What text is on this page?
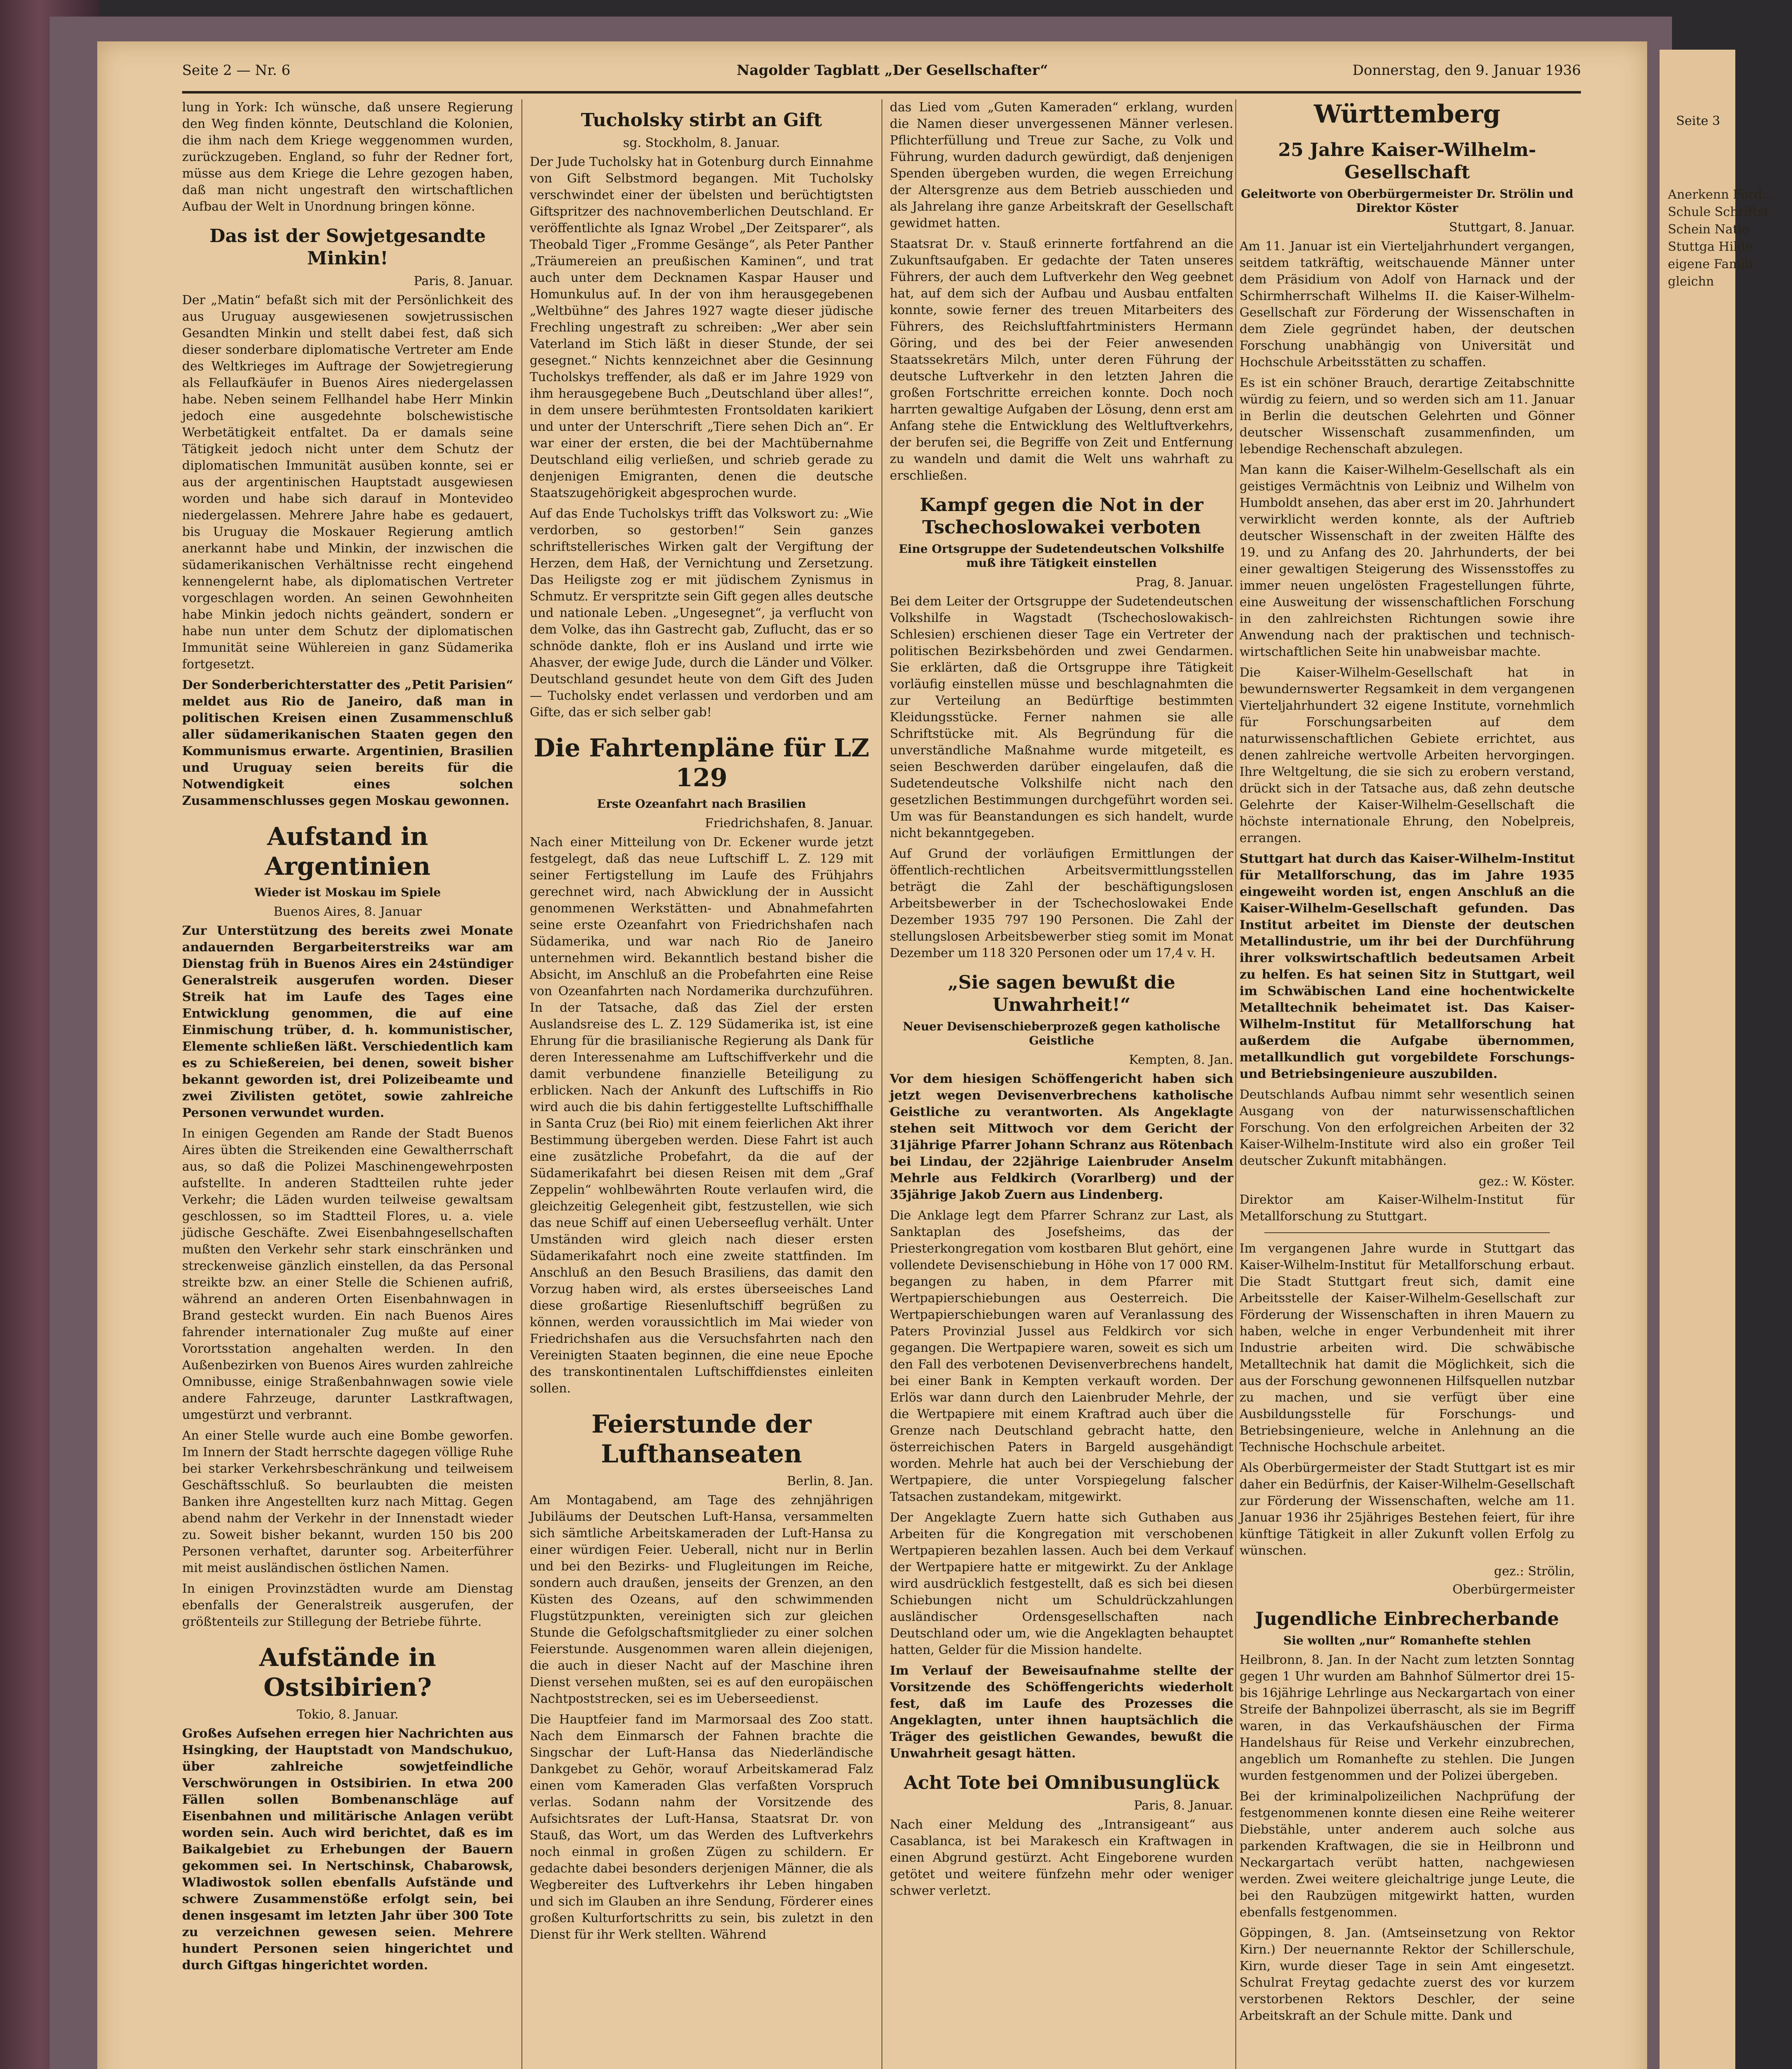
Seite 3
Anerkenn Förd... Schule Schriftst Schein Natio Stuttga Hilde eigene Famili gleichn
Seite 2 — Nr. 6	Nagolder Tagblatt „Der Gesellschafter“	Donnerstag, den 9. Januar 1936

lung in York: Ich wünsche, daß unsere Regierung den Weg finden könnte, Deutschland die Kolonien, die ihm nach dem Kriege weggenommen wurden, zurückzugeben. England, so fuhr der Redner fort, müsse aus dem Kriege die Lehre gezogen haben, daß man nicht ungestraft den wirtschaftlichen Aufbau der Welt in Unordnung bringen könne.

Das ist der Sowjetgesandte Minkin!
Paris, 8. Januar.

Der „Matin“ befaßt sich mit der Persönlichkeit des aus Uruguay ausgewiesenen sowjetrussischen Gesandten Minkin und stellt dabei fest, daß sich dieser sonderbare diplomatische Vertreter am Ende des Weltkrieges im Auftrage der Sowjetregierung als Fellaufkäufer in Buenos Aires niedergelassen habe. Neben seinem Fellhandel habe Herr Minkin jedoch eine ausgedehnte bolschewistische Werbetätigkeit entfaltet. Da er damals seine Tätigkeit jedoch nicht unter dem Schutz der diplomatischen Immunität ausüben konnte, sei er aus der argentinischen Hauptstadt ausgewiesen worden und habe sich darauf in Montevideo niedergelassen. Mehrere Jahre habe es gedauert, bis Uruguay die Moskauer Regierung amtlich anerkannt habe und Minkin, der inzwischen die südamerikanischen Verhältnisse recht eingehend kennengelernt habe, als diplomatischen Vertreter vorgeschlagen worden. An seinen Gewohnheiten habe Minkin jedoch nichts geändert, sondern er habe nun unter dem Schutz der diplomatischen Immunität seine Wühlereien in ganz Südamerika fortgesetzt.

Der Sonderberichterstatter des „Petit Parisien“ meldet aus Rio de Janeiro, daß man in politischen Kreisen einen Zusammenschluß aller südamerikanischen Staaten gegen den Kommunismus erwarte. Argentinien, Brasilien und Uruguay seien bereits für die Notwendigkeit eines solchen Zusammenschlusses gegen Moskau gewonnen.

Aufstand in Argentinien
Wieder ist Moskau im Spiele
Buenos Aires, 8. Januar

Zur Unterstützung des bereits zwei Monate andauernden Bergarbeiterstreiks war am Dienstag früh in Buenos Aires ein 24stündiger Generalstreik ausgerufen worden. Dieser Streik hat im Laufe des Tages eine Entwicklung genommen, die auf eine Einmischung trüber, d. h. kommunistischer, Elemente schließen läßt. Verschiedentlich kam es zu Schießereien, bei denen, soweit bisher bekannt geworden ist, drei Polizeibeamte und zwei Zivilisten getötet, sowie zahlreiche Personen verwundet wurden.

In einigen Gegenden am Rande der Stadt Buenos Aires übten die Streikenden eine Gewaltherrschaft aus, so daß die Polizei Maschinengewehrposten aufstellte. In anderen Stadtteilen ruhte jeder Verkehr; die Läden wurden teilweise gewaltsam geschlossen, so im Stadtteil Flores, u. a. viele jüdische Geschäfte. Zwei Eisenbahngesellschaften mußten den Verkehr sehr stark einschränken und streckenweise gänzlich einstellen, da das Personal streikte bzw. an einer Stelle die Schienen aufriß, während an anderen Orten Eisenbahnwagen in Brand gesteckt wurden. Ein nach Buenos Aires fahrender internationaler Zug mußte auf einer Vorortsstation angehalten werden. In den Außenbezirken von Buenos Aires wurden zahlreiche Omnibusse, einige Straßenbahnwagen sowie viele andere Fahrzeuge, darunter Lastkraftwagen, umgestürzt und verbrannt.

An einer Stelle wurde auch eine Bombe geworfen. Im Innern der Stadt herrschte dagegen völlige Ruhe bei starker Verkehrsbeschränkung und teilweisem Geschäftsschluß. So beurlaubten die meisten Banken ihre Angestellten kurz nach Mittag. Gegen abend nahm der Verkehr in der Innenstadt wieder zu. Soweit bisher bekannt, wurden 150 bis 200 Personen verhaftet, darunter sog. Arbeiterführer mit meist ausländischen östlichen Namen.

In einigen Provinzstädten wurde am Dienstag ebenfalls der Generalstreik ausgerufen, der größtenteils zur Stillegung der Betriebe führte.

Aufstände in Ostsibirien?
Tokio, 8. Januar.

Großes Aufsehen erregen hier Nachrichten aus Hsingking, der Hauptstadt von Mandschukuo, über zahlreiche sowjetfeindliche Verschwörungen in Ostsibirien. In etwa 200 Fällen sollen Bombenanschläge auf Eisenbahnen und militärische Anlagen verübt worden sein. Auch wird berichtet, daß es im Baikalgebiet zu Erhebungen der Bauern gekommen sei. In Nertschinsk, Chabarowsk, Wladiwostok sollen ebenfalls Aufstände und schwere Zusammenstöße erfolgt sein, bei denen insgesamt im letzten Jahr über 300 Tote zu verzeichnen gewesen seien. Mehrere hundert Personen seien hingerichtet und durch Giftgas hingerichtet worden.

Tucholsky stirbt an Gift
sg. Stockholm, 8. Januar.

Der Jude Tucholsky hat in Gotenburg durch Einnahme von Gift Selbstmord begangen. Mit Tucholsky verschwindet einer der übelsten und berüchtigtsten Giftspritzer des nachnovemberlichen Deutschland. Er veröffentlichte als Ignaz Wrobel „Der Zeitsparer“, als Theobald Tiger „Fromme Gesänge“, als Peter Panther „Träumereien an preußischen Kaminen“, und trat auch unter dem Decknamen Kaspar Hauser und Homunkulus auf. In der von ihm herausgegebenen „Weltbühne“ des Jahres 1927 wagte dieser jüdische Frechling ungestraft zu schreiben: „Wer aber sein Vaterland im Stich läßt in dieser Stunde, der sei gesegnet.“ Nichts kennzeichnet aber die Gesinnung Tucholskys treffender, als daß er im Jahre 1929 von ihm herausgegebene Buch „Deutschland über alles!“, in dem unsere berühmtesten Frontsoldaten karikiert und unter der Unterschrift „Tiere sehen Dich an“. Er war einer der ersten, die bei der Machtübernahme Deutschland eilig verließen, und schrieb gerade zu denjenigen Emigranten, denen die deutsche Staatszugehörigkeit abgesprochen wurde.

Auf das Ende Tucholskys trifft das Volkswort zu: „Wie verdorben, so gestorben!“ Sein ganzes schriftstellerisches Wirken galt der Vergiftung der Herzen, dem Haß, der Vernichtung und Zersetzung. Das Heiligste zog er mit jüdischem Zynismus in Schmutz. Er verspritzte sein Gift gegen alles deutsche und nationale Leben. „Ungesegnet“, ja verflucht von dem Volke, das ihn Gastrecht gab, Zuflucht, das er so schnöde dankte, floh er ins Ausland und irrte wie Ahasver, der ewige Jude, durch die Länder und Völker. Deutschland gesundet heute von dem Gift des Juden — Tucholsky endet verlassen und verdorben und am Gifte, das er sich selber gab!

Die Fahrtenpläne für LZ 129
Erste Ozeanfahrt nach Brasilien
Friedrichshafen, 8. Januar.

Nach einer Mitteilung von Dr. Eckener wurde jetzt festgelegt, daß das neue Luftschiff L. Z. 129 mit seiner Fertigstellung im Laufe des Frühjahrs gerechnet wird, nach Abwicklung der in Aussicht genommenen Werkstätten- und Abnahmefahrten seine erste Ozeanfahrt von Friedrichshafen nach Südamerika, und war nach Rio de Janeiro unternehmen wird. Bekanntlich bestand bisher die Absicht, im Anschluß an die Probefahrten eine Reise von Ozeanfahrten nach Nordamerika durchzuführen. In der Tatsache, daß das Ziel der ersten Auslandsreise des L. Z. 129 Südamerika ist, ist eine Ehrung für die brasilianische Regierung als Dank für deren Interessenahme am Luftschiffverkehr und die damit verbundene finanzielle Beteiligung zu erblicken. Nach der Ankunft des Luftschiffs in Rio wird auch die bis dahin fertiggestellte Luftschiffhalle in Santa Cruz (bei Rio) mit einem feierlichen Akt ihrer Bestimmung übergeben werden. Diese Fahrt ist auch eine zusätzliche Probefahrt, da die auf der Südamerikafahrt bei diesen Reisen mit dem „Graf Zeppelin“ wohlbewährten Route verlaufen wird, die gleichzeitig Gelegenheit gibt, festzustellen, wie sich das neue Schiff auf einen Ueberseeflug verhält. Unter Umständen wird gleich nach dieser ersten Südamerikafahrt noch eine zweite stattfinden. Im Anschluß an den Besuch Brasiliens, das damit den Vorzug haben wird, als erstes überseeisches Land diese großartige Riesenluftschiff begrüßen zu können, werden voraussichtlich im Mai wieder von Friedrichshafen aus die Versuchsfahrten nach den Vereinigten Staaten beginnen, die eine neue Epoche des transkontinentalen Luftschiffdienstes einleiten sollen.

Feierstunde der Lufthanseaten
Berlin, 8. Jan.

Am Montagabend, am Tage des zehnjährigen Jubiläums der Deutschen Luft-Hansa, versammelten sich sämtliche Arbeitskameraden der Luft-Hansa zu einer würdigen Feier. Ueberall, nicht nur in Berlin und bei den Bezirks- und Flugleitungen im Reiche, sondern auch draußen, jenseits der Grenzen, an den Küsten des Ozeans, auf den schwimmenden Flugstützpunkten, vereinigten sich zur gleichen Stunde die Gefolgschaftsmitglieder zu einer solchen Feierstunde. Ausgenommen waren allein diejenigen, die auch in dieser Nacht auf der Maschine ihren Dienst versehen mußten, sei es auf den europäischen Nachtpoststrecken, sei es im Ueberseedienst.

Die Hauptfeier fand im Marmorsaal des Zoo statt. Nach dem Einmarsch der Fahnen brachte die Singschar der Luft-Hansa das Niederländische Dankgebet zu Gehör, worauf Arbeitskamerad Falz einen vom Kameraden Glas verfaßten Vorspruch verlas. Sodann nahm der Vorsitzende des Aufsichtsrates der Luft-Hansa, Staatsrat Dr. von Stauß, das Wort, um das Werden des Luftverkehrs noch einmal in großen Zügen zu schildern. Er gedachte dabei besonders derjenigen Männer, die als Wegbereiter des Luftverkehrs ihr Leben hingaben und sich im Glauben an ihre Sendung, Förderer eines großen Kulturfortschritts zu sein, bis zuletzt in den Dienst für ihr Werk stellten. Während

das Lied vom „Guten Kameraden“ erklang, wurden die Namen dieser unvergessenen Männer verlesen. Pflichterfüllung und Treue zur Sache, zu Volk und Führung, wurden dadurch gewürdigt, daß denjenigen Spenden übergeben wurden, die wegen Erreichung der Altersgrenze aus dem Betrieb ausschieden und als Jahrelang ihre ganze Arbeitskraft der Gesellschaft gewidmet hatten.

Staatsrat Dr. v. Stauß erinnerte fortfahrend an die Zukunftsaufgaben. Er gedachte der Taten unseres Führers, der auch dem Luftverkehr den Weg geebnet hat, auf dem sich der Aufbau und Ausbau entfalten konnte, sowie ferner des treuen Mitarbeiters des Führers, des Reichsluftfahrtministers Hermann Göring, und des bei der Feier anwesenden Staatssekretärs Milch, unter deren Führung der deutsche Luftverkehr in den letzten Jahren die großen Fortschritte erreichen konnte. Doch noch harrten gewaltige Aufgaben der Lösung, denn erst am Anfang stehe die Entwicklung des Weltluftverkehrs, der berufen sei, die Begriffe von Zeit und Entfernung zu wandeln und damit die Welt uns wahrhaft zu erschließen.

Kampf gegen die Not in der Tschechoslowakei verboten
Eine Ortsgruppe der Sudetendeutschen Volkshilfe muß ihre Tätigkeit einstellen
Prag, 8. Januar.

Bei dem Leiter der Ortsgruppe der Sudetendeutschen Volkshilfe in Wagstadt (Tschechoslowakisch-Schlesien) erschienen dieser Tage ein Vertreter der politischen Bezirksbehörden und zwei Gendarmen. Sie erklärten, daß die Ortsgruppe ihre Tätigkeit vorläufig einstellen müsse und beschlagnahmten die zur Verteilung an Bedürftige bestimmten Kleidungsstücke. Ferner nahmen sie alle Schriftstücke mit. Als Begründung für die unverständliche Maßnahme wurde mitgeteilt, es seien Beschwerden darüber eingelaufen, daß die Sudetendeutsche Volkshilfe nicht nach den gesetzlichen Bestimmungen durchgeführt worden sei. Um was für Beanstandungen es sich handelt, wurde nicht bekanntgegeben.

Auf Grund der vorläufigen Ermittlungen der öffentlich-rechtlichen Arbeitsvermittlungsstellen beträgt die Zahl der beschäftigungslosen Arbeitsbewerber in der Tschechoslowakei Ende Dezember 1935 797 190 Personen. Die Zahl der stellungslosen Arbeitsbewerber stieg somit im Monat Dezember um 118 320 Personen oder um 17,4 v. H.

„Sie sagen bewußt die Unwahrheit!“
Neuer Devisenschieberprozeß gegen katholische Geistliche
Kempten, 8. Jan.

Vor dem hiesigen Schöffengericht haben sich jetzt wegen Devisenverbrechens katholische Geistliche zu verantworten. Als Angeklagte stehen seit Mittwoch vor dem Gericht der 31jährige Pfarrer Johann Schranz aus Rötenbach bei Lindau, der 22jährige Laienbruder Anselm Mehrle aus Feldkirch (Vorarlberg) und der 35jährige Jakob Zuern aus Lindenberg.

Die Anklage legt dem Pfarrer Schranz zur Last, als Sanktaplan des Josefsheims, das der Priesterkongregation vom kostbaren Blut gehört, eine vollendete Devisenschiebung in Höhe von 17 000 RM. begangen zu haben, in dem Pfarrer mit Wertpapierschiebungen aus Oesterreich. Die Wertpapierschiebungen waren auf Veranlassung des Paters Provinzial Jussel aus Feldkirch vor sich gegangen. Die Wertpapiere waren, soweit es sich um den Fall des verbotenen Devisenverbrechens handelt, bei einer Bank in Kempten verkauft worden. Der Erlös war dann durch den Laienbruder Mehrle, der die Wertpapiere mit einem Kraftrad auch über die Grenze nach Deutschland gebracht hatte, den österreichischen Paters in Bargeld ausgehändigt worden. Mehrle hat auch bei der Verschiebung der Wertpapiere, die unter Vorspiegelung falscher Tatsachen zustandekam, mitgewirkt.

Der Angeklagte Zuern hatte sich Guthaben aus Arbeiten für die Kongregation mit verschobenen Wertpapieren bezahlen lassen. Auch bei dem Verkauf der Wertpapiere hatte er mitgewirkt. Zu der Anklage wird ausdrücklich festgestellt, daß es sich bei diesen Schiebungen nicht um Schuldrückzahlungen ausländischer Ordensgesellschaften nach Deutschland oder um, wie die Angeklagten behauptet hatten, Gelder für die Mission handelte.

Im Verlauf der Beweisaufnahme stellte der Vorsitzende des Schöffengerichts wiederholt fest, daß im Laufe des Prozesses die Angeklagten, unter ihnen hauptsächlich die Träger des geistlichen Gewandes, bewußt die Unwahrheit gesagt hätten.

Acht Tote bei Omnibusunglück
Paris, 8. Januar.

Nach einer Meldung des „Intransigeant“ aus Casablanca, ist bei Marakesch ein Kraftwagen in einen Abgrund gestürzt. Acht Eingeborene wurden getötet und weitere fünfzehn mehr oder weniger schwer verletzt.

Württemberg
25 Jahre Kaiser-Wilhelm-Gesellschaft
Geleitworte von Oberbürgermeister Dr. Strölin und Direktor Köster
Stuttgart, 8. Januar.

Am 11. Januar ist ein Vierteljahrhundert vergangen, seitdem tatkräftig, weitschauende Männer unter dem Präsidium von Adolf von Harnack und der Schirmherrschaft Wilhelms II. die Kaiser-Wilhelm-Gesellschaft zur Förderung der Wissenschaften in dem Ziele gegründet haben, der deutschen Forschung unabhängig von Universität und Hochschule Arbeitsstätten zu schaffen.

Es ist ein schöner Brauch, derartige Zeitabschnitte würdig zu feiern, und so werden sich am 11. Januar in Berlin die deutschen Gelehrten und Gönner deutscher Wissenschaft zusammenfinden, um lebendige Rechenschaft abzulegen.

Man kann die Kaiser-Wilhelm-Gesellschaft als ein geistiges Vermächtnis von Leibniz und Wilhelm von Humboldt ansehen, das aber erst im 20. Jahrhundert verwirklicht werden konnte, als der Auftrieb deutscher Wissenschaft in der zweiten Hälfte des 19. und zu Anfang des 20. Jahrhunderts, der bei einer gewaltigen Steigerung des Wissensstoffes zu immer neuen ungelösten Fragestellungen führte, eine Ausweitung der wissenschaftlichen Forschung in den zahlreichsten Richtungen sowie ihre Anwendung nach der praktischen und technisch-wirtschaftlichen Seite hin unabweisbar machte.

Die Kaiser-Wilhelm-Gesellschaft hat in bewundernswerter Regsamkeit in dem vergangenen Vierteljahrhundert 32 eigene Institute, vornehmlich für Forschungsarbeiten auf dem naturwissenschaftlichen Gebiete errichtet, aus denen zahlreiche wertvolle Arbeiten hervorgingen. Ihre Weltgeltung, die sie sich zu erobern verstand, drückt sich in der Tatsache aus, daß zehn deutsche Gelehrte der Kaiser-Wilhelm-Gesellschaft die höchste internationale Ehrung, den Nobelpreis, errangen.

Stuttgart hat durch das Kaiser-Wilhelm-Institut für Metallforschung, das im Jahre 1935 eingeweiht worden ist, engen Anschluß an die Kaiser-Wilhelm-Gesellschaft gefunden. Das Institut arbeitet im Dienste der deutschen Metallindustrie, um ihr bei der Durchführung ihrer volkswirtschaftlich bedeutsamen Arbeit zu helfen. Es hat seinen Sitz in Stuttgart, weil im Schwäbischen Land eine hochentwickelte Metalltechnik beheimatet ist. Das Kaiser-Wilhelm-Institut für Metallforschung hat außerdem die Aufgabe übernommen, metallkundlich gut vorgebildete Forschungs- und Betriebsingenieure auszubilden.

Deutschlands Aufbau nimmt sehr wesentlich seinen Ausgang von der naturwissenschaftlichen Forschung. Von den erfolgreichen Arbeiten der 32 Kaiser-Wilhelm-Institute wird also ein großer Teil deutscher Zukunft mitabhängen.

gez.: W. Köster.

Direktor am Kaiser-Wilhelm-Institut für Metallforschung zu Stuttgart.

Im vergangenen Jahre wurde in Stuttgart das Kaiser-Wilhelm-Institut für Metallforschung erbaut. Die Stadt Stuttgart freut sich, damit eine Arbeitsstelle der Kaiser-Wilhelm-Gesellschaft zur Förderung der Wissenschaften in ihren Mauern zu haben, welche in enger Verbundenheit mit ihrer Industrie arbeiten wird. Die schwäbische Metalltechnik hat damit die Möglichkeit, sich die aus der Forschung gewonnenen Hilfsquellen nutzbar zu machen, und sie verfügt über eine Ausbildungsstelle für Forschungs- und Betriebsingenieure, welche in Anlehnung an die Technische Hochschule arbeitet.

Als Oberbürgermeister der Stadt Stuttgart ist es mir daher ein Bedürfnis, der Kaiser-Wilhelm-Gesellschaft zur Förderung der Wissenschaften, welche am 11. Januar 1936 ihr 25jähriges Bestehen feiert, für ihre künftige Tätigkeit in aller Zukunft vollen Erfolg zu wünschen.

gez.: Strölin,
Oberbürgermeister
Jugendliche Einbrecherbande
Sie wollten „nur“ Romanhefte stehlen

Heilbronn, 8. Jan. In der Nacht zum letzten Sonntag gegen 1 Uhr wurden am Bahnhof Sülmertor drei 15- bis 16jährige Lehrlinge aus Neckargartach von einer Streife der Bahnpolizei überrascht, als sie im Begriff waren, in das Verkaufshäuschen der Firma Handelshaus für Reise und Verkehr einzubrechen, angeblich um Romanhefte zu stehlen. Die Jungen wurden festgenommen und der Polizei übergeben.

Bei der kriminalpolizeilichen Nachprüfung der festgenommenen konnte diesen eine Reihe weiterer Diebstähle, unter anderem auch solche aus parkenden Kraftwagen, die sie in Heilbronn und Neckargartach verübt hatten, nachgewiesen werden. Zwei weitere gleichaltrige junge Leute, die bei den Raubzügen mitgewirkt hatten, wurden ebenfalls festgenommen.

Göppingen, 8. Jan. (Amtseinsetzung von Rektor Kirn.) Der neuernannte Rektor der Schillerschule, Kirn, wurde dieser Tage in sein Amt eingesetzt. Schulrat Freytag gedachte zuerst des vor kurzem verstorbenen Rektors Deschler, der seine Arbeitskraft an der Schule mitte. Dank und
